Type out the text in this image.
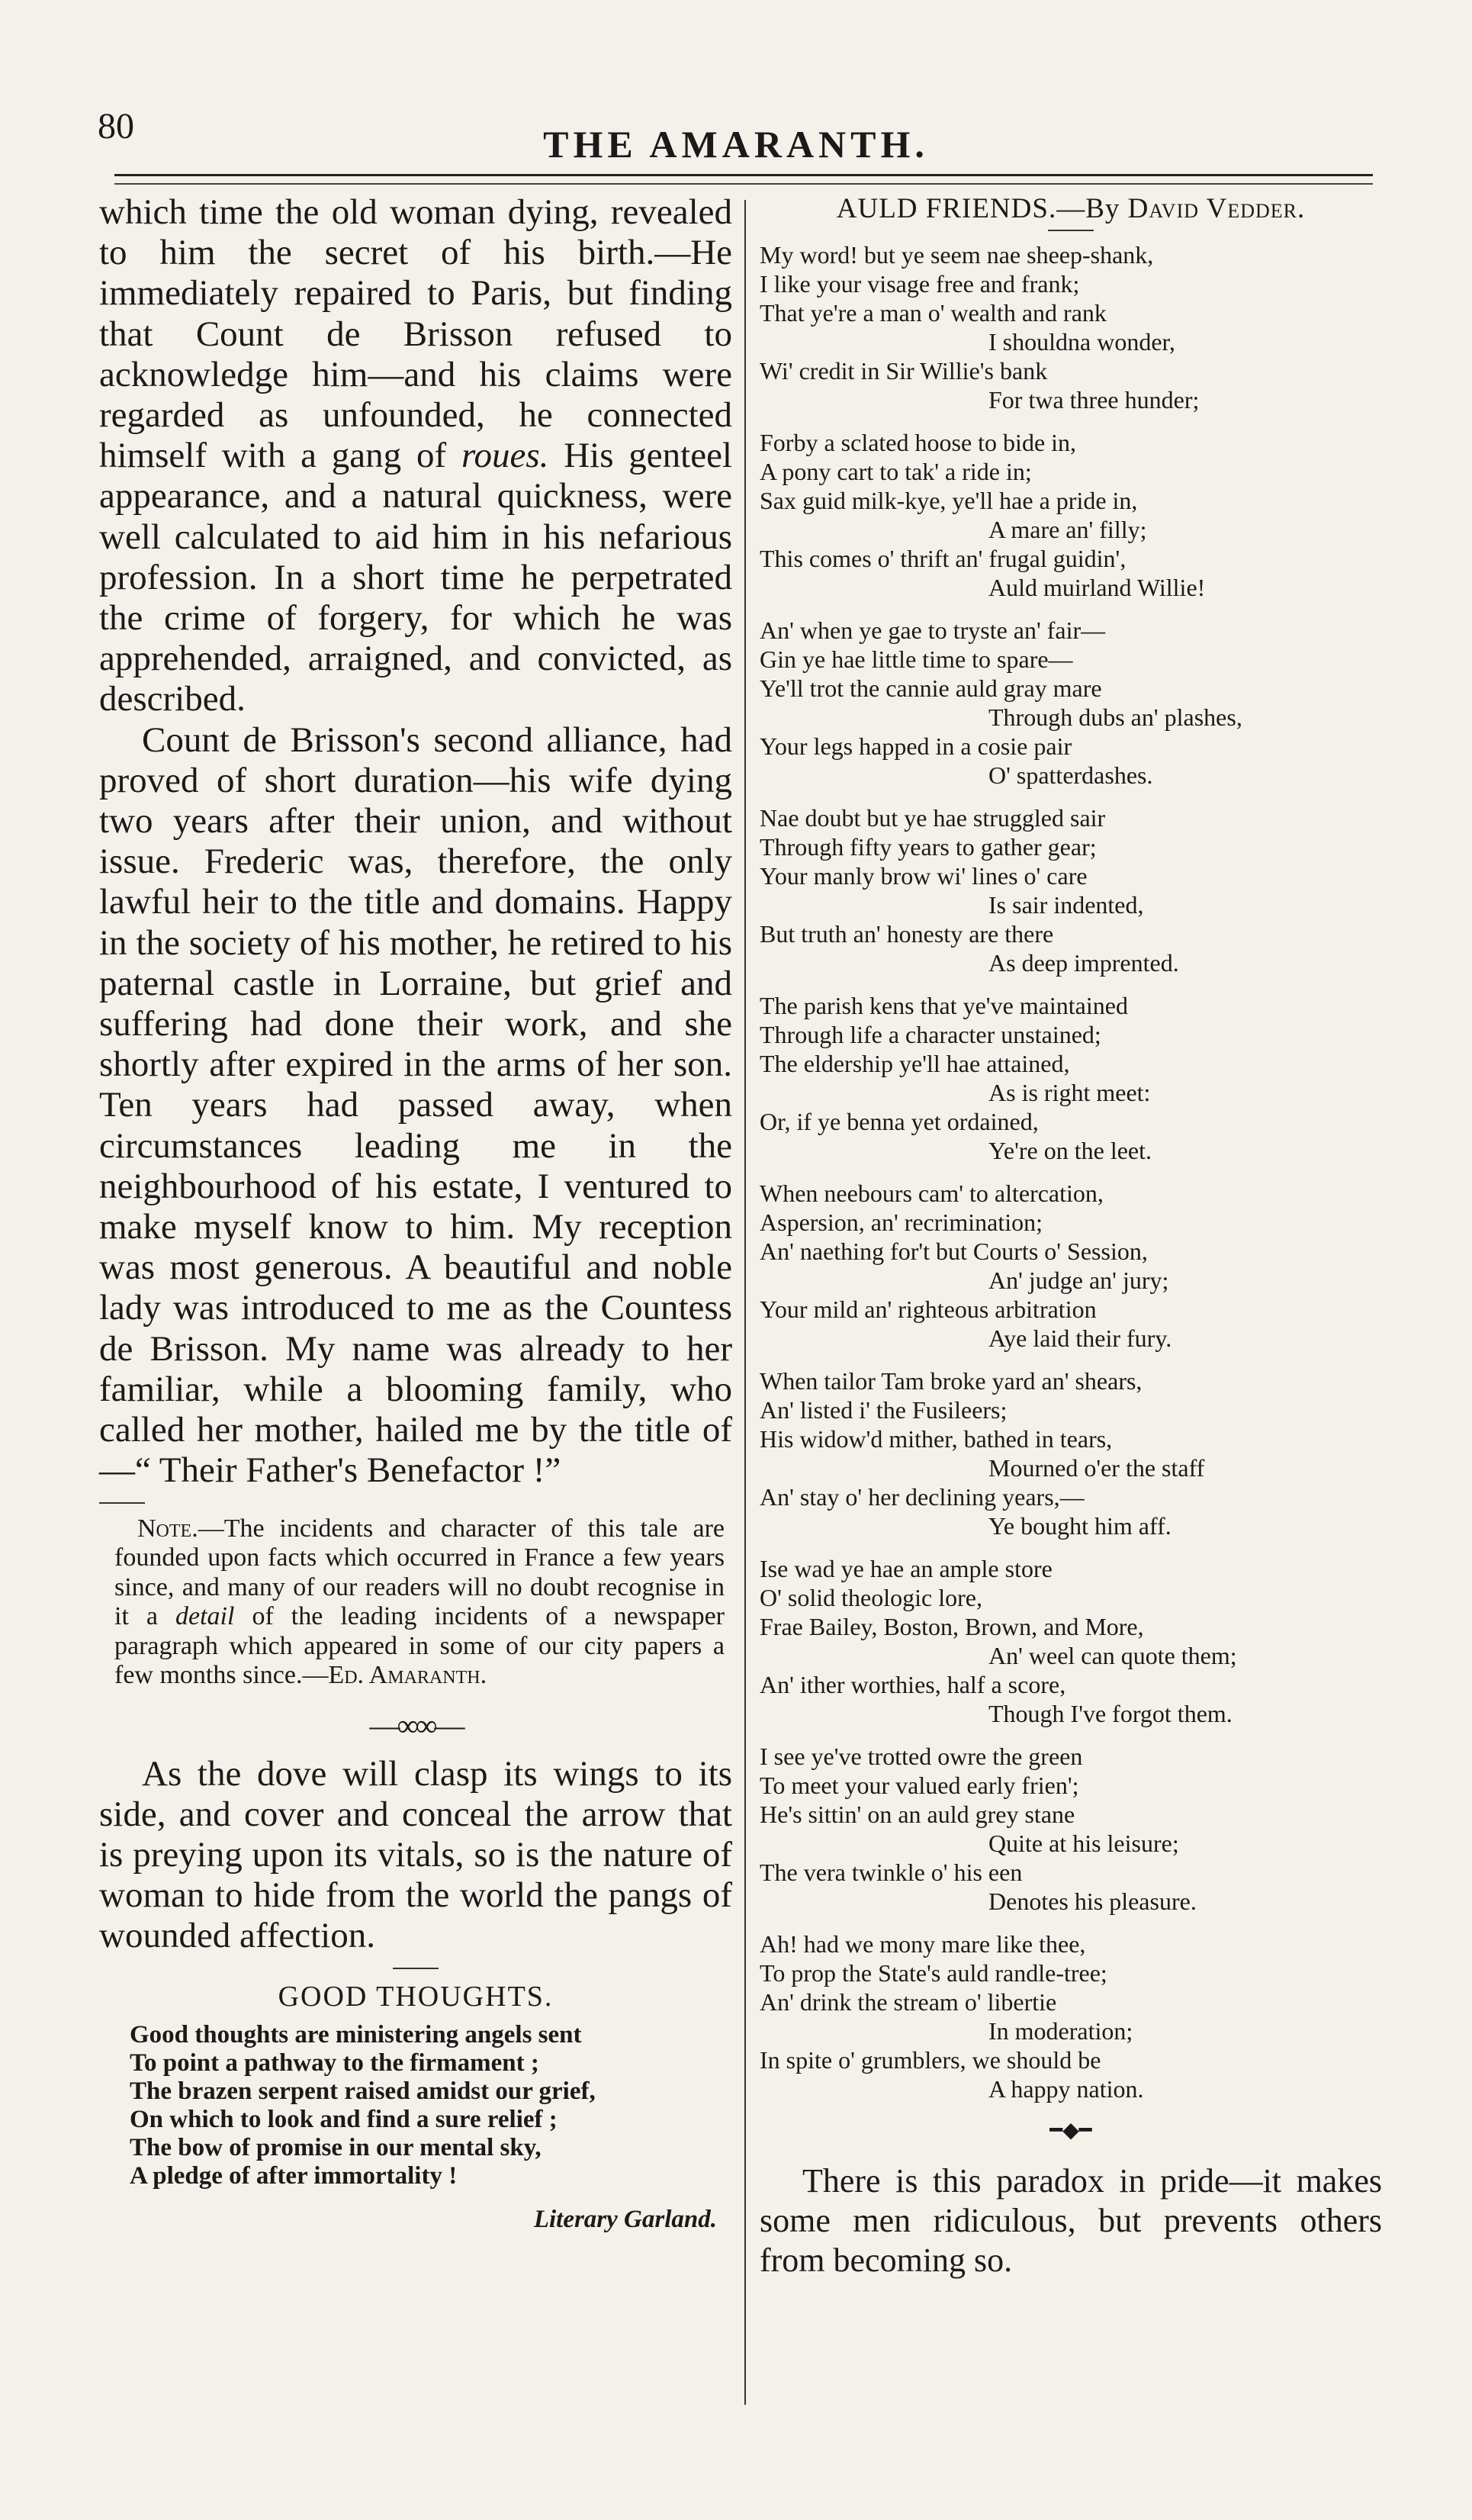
80	THE AMARANTH.

which time the old woman dying, revealed to him the secret of his birth.—He immediately repaired to Paris, but finding that Count de Brisson refused to acknowledge him—and his claims were regarded as unfounded, he connected himself with a gang of roues. His genteel appearance, and a natural quickness, were well calculated to aid him in his nefarious profession. In a short time he perpetrated the crime of forgery, for which he was apprehended, arraigned, and convicted, as described.

Count de Brisson's second alliance, had proved of short duration—his wife dying two years after their union, and without issue. Frederic was, therefore, the only lawful heir to the title and domains. Happy in the society of his mother, he retired to his paternal castle in Lorraine, but grief and suffering had done their work, and she shortly after expired in the arms of her son. Ten years had passed away, when circumstances leading me in the neighbourhood of his estate, I ventured to make myself know to him. My reception was most generous. A beautiful and noble lady was introduced to me as the Countess de Brisson. My name was already to her familiar, while a blooming family, who called her mother, hailed me by the title of—“ Their Father's Benefactor !”

Note.—The incidents and character of this tale are founded upon facts which occurred in France a few years since, and many of our readers will no doubt recognise in it a detail of the leading incidents of a newspaper paragraph which appeared in some of our city papers a few months since.—Ed. Amaranth.

—∞∞—

As the dove will clasp its wings to its side, and cover and conceal the arrow that is preying upon its vitals, so is the nature of woman to hide from the world the pangs of wounded affection.

GOOD THOUGHTS.

Good thoughts are ministering angels sent

To point a pathway to the firmament ;

The brazen serpent raised amidst our grief,

On which to look and find a sure relief ;

The bow of promise in our mental sky,

A pledge of after immortality !

Literary Garland.
AULD FRIENDS.—By David Vedder.

My word! but ye seem nae sheep-shank,

I like your visage free and frank;

That ye're a man o' wealth and rank

I shouldna wonder,

Wi' credit in Sir Willie's bank

For twa three hunder;

Forby a sclated hoose to bide in,

A pony cart to tak' a ride in;

Sax guid milk-kye, ye'll hae a pride in,

A mare an' filly;

This comes o' thrift an' frugal guidin',

Auld muirland Willie!

An' when ye gae to tryste an' fair—

Gin ye hae little time to spare—

Ye'll trot the cannie auld gray mare

Through dubs an' plashes,

Your legs happed in a cosie pair

O' spatterdashes.

Nae doubt but ye hae struggled sair

Through fifty years to gather gear;

Your manly brow wi' lines o' care

Is sair indented,

But truth an' honesty are there

As deep imprented.

The parish kens that ye've maintained

Through life a character unstained;

The eldership ye'll hae attained,

As is right meet:

Or, if ye benna yet ordained,

Ye're on the leet.

When neebours cam' to altercation,

Aspersion, an' recrimination;

An' naething for't but Courts o' Session,

An' judge an' jury;

Your mild an' righteous arbitration

Aye laid their fury.

When tailor Tam broke yard an' shears,

An' listed i' the Fusileers;

His widow'd mither, bathed in tears,

Mourned o'er the staff

An' stay o' her declining years,—

Ye bought him aff.

Ise wad ye hae an ample store

O' solid theologic lore,

Frae Bailey, Boston, Brown, and More,

An' weel can quote them;

An' ither worthies, half a score,

Though I've forgot them.

I see ye've trotted owre the green

To meet your valued early frien';

He's sittin' on an auld grey stane

Quite at his leisure;

The vera twinkle o' his een

Denotes his pleasure.

Ah! had we mony mare like thee,

To prop the State's auld randle-tree;

An' drink the stream o' libertie

In moderation;

In spite o' grumblers, we should be

A happy nation.

━◆━

There is this paradox in pride—it makes some men ridiculous, but prevents others from becoming so.
